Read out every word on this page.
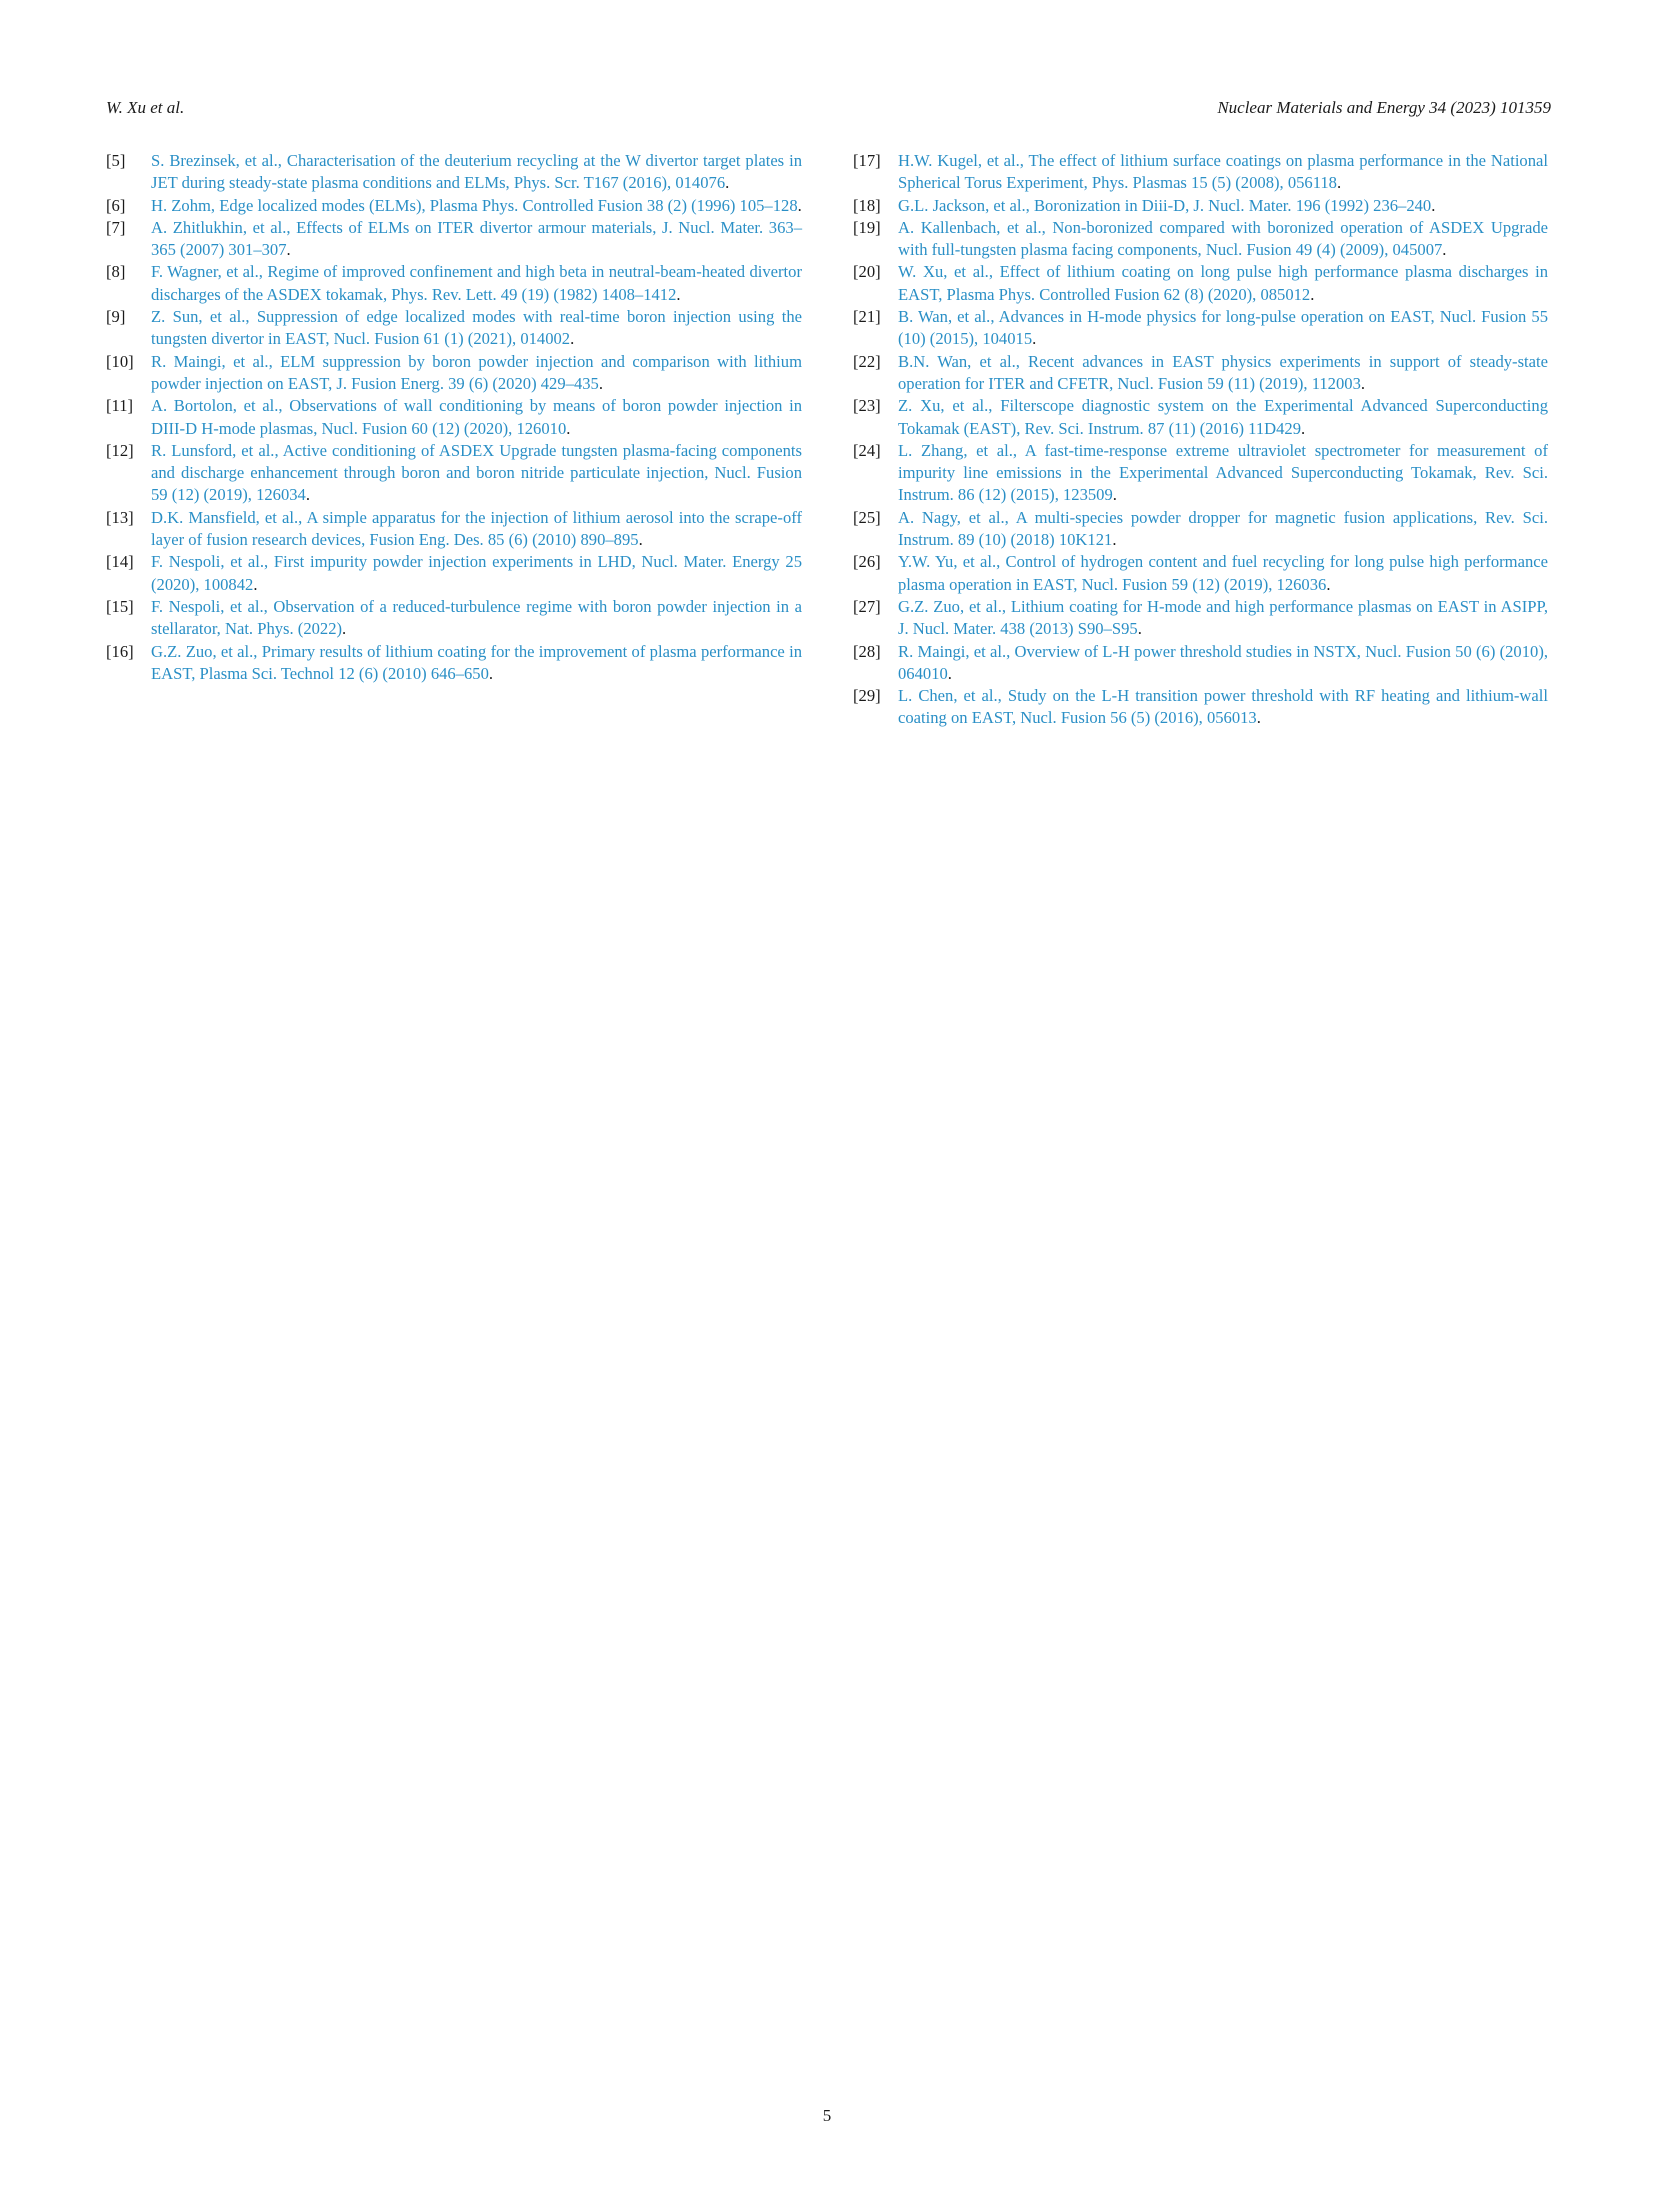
W. Xu et al.	Nuclear Materials and Energy 34 (2023) 101359
[5]	S. Brezinsek, et al., Characterisation of the deuterium recycling at the W divertor target plates in JET during steady-state plasma conditions and ELMs, Phys. Scr. T167 (2016), 014076.
[6]	H. Zohm, Edge localized modes (ELMs), Plasma Phys. Controlled Fusion 38 (2) (1996) 105–128.
[7]	A. Zhitlukhin, et al., Effects of ELMs on ITER divertor armour materials, J. Nucl. Mater. 363–365 (2007) 301–307.
[8]	F. Wagner, et al., Regime of improved confinement and high beta in neutral-beam-heated divertor discharges of the ASDEX tokamak, Phys. Rev. Lett. 49 (19) (1982) 1408–1412.
[9]	Z. Sun, et al., Suppression of edge localized modes with real-time boron injection using the tungsten divertor in EAST, Nucl. Fusion 61 (1) (2021), 014002.
[10]	R. Maingi, et al., ELM suppression by boron powder injection and comparison with lithium powder injection on EAST, J. Fusion Energ. 39 (6) (2020) 429–435.
[11]	A. Bortolon, et al., Observations of wall conditioning by means of boron powder injection in DIII-D H-mode plasmas, Nucl. Fusion 60 (12) (2020), 126010.
[12]	R. Lunsford, et al., Active conditioning of ASDEX Upgrade tungsten plasma-facing components and discharge enhancement through boron and boron nitride particulate injection, Nucl. Fusion 59 (12) (2019), 126034.
[13]	D.K. Mansfield, et al., A simple apparatus for the injection of lithium aerosol into the scrape-off layer of fusion research devices, Fusion Eng. Des. 85 (6) (2010) 890–895.
[14]	F. Nespoli, et al., First impurity powder injection experiments in LHD, Nucl. Mater. Energy 25 (2020), 100842.
[15]	F. Nespoli, et al., Observation of a reduced-turbulence regime with boron powder injection in a stellarator, Nat. Phys. (2022).
[16]	G.Z. Zuo, et al., Primary results of lithium coating for the improvement of plasma performance in EAST, Plasma Sci. Technol 12 (6) (2010) 646–650.
[17]	H.W. Kugel, et al., The effect of lithium surface coatings on plasma performance in the National Spherical Torus Experiment, Phys. Plasmas 15 (5) (2008), 056118.
[18]	G.L. Jackson, et al., Boronization in Diii-D, J. Nucl. Mater. 196 (1992) 236–240.
[19]	A. Kallenbach, et al., Non-boronized compared with boronized operation of ASDEX Upgrade with full-tungsten plasma facing components, Nucl. Fusion 49 (4) (2009), 045007.
[20]	W. Xu, et al., Effect of lithium coating on long pulse high performance plasma discharges in EAST, Plasma Phys. Controlled Fusion 62 (8) (2020), 085012.
[21]	B. Wan, et al., Advances in H-mode physics for long-pulse operation on EAST, Nucl. Fusion 55 (10) (2015), 104015.
[22]	B.N. Wan, et al., Recent advances in EAST physics experiments in support of steady-state operation for ITER and CFETR, Nucl. Fusion 59 (11) (2019), 112003.
[23]	Z. Xu, et al., Filterscope diagnostic system on the Experimental Advanced Superconducting Tokamak (EAST), Rev. Sci. Instrum. 87 (11) (2016) 11D429.
[24]	L. Zhang, et al., A fast-time-response extreme ultraviolet spectrometer for measurement of impurity line emissions in the Experimental Advanced Superconducting Tokamak, Rev. Sci. Instrum. 86 (12) (2015), 123509.
[25]	A. Nagy, et al., A multi-species powder dropper for magnetic fusion applications, Rev. Sci. Instrum. 89 (10) (2018) 10K121.
[26]	Y.W. Yu, et al., Control of hydrogen content and fuel recycling for long pulse high performance plasma operation in EAST, Nucl. Fusion 59 (12) (2019), 126036.
[27]	G.Z. Zuo, et al., Lithium coating for H-mode and high performance plasmas on EAST in ASIPP, J. Nucl. Mater. 438 (2013) S90–S95.
[28]	R. Maingi, et al., Overview of L-H power threshold studies in NSTX, Nucl. Fusion 50 (6) (2010), 064010.
[29]	L. Chen, et al., Study on the L-H transition power threshold with RF heating and lithium-wall coating on EAST, Nucl. Fusion 56 (5) (2016), 056013.
5
